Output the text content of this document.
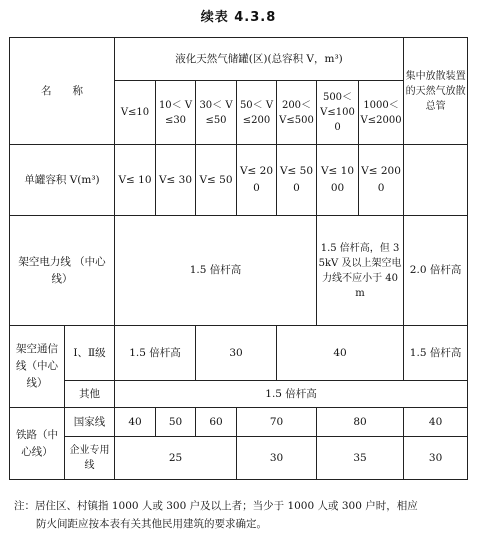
续表 4.3.8
名　　称		液化天然气储罐(区)(总容积 V，m³)							集中放散装置的天然气放散总管
		V≤10	10＜ V≤30	30＜ V≤50	50＜ V≤200	200＜ V≤500	500＜ V≤1000	1000＜ V≤2000	
单罐容积 V(m³)		V≤ 10	V≤ 30	V≤ 50	V≤ 200	V≤ 500	V≤ 1000	V≤ 2000	
架空电力线 （中心线）		1.5 倍杆高					1.5 倍杆高，但 35kV 及以上架空电力线不应小于 40m		2.0 倍杆高
架空通信线（中心线）	Ⅰ、Ⅱ级	1.5 倍杆高		30		40			1.5 倍杆高
	其他	1.5 倍杆高							
铁路（中心线）	国家线	40	50	60	70		80		40
	企业专用线	25			30		35		30
注：居住区、村镇指 1000 人或 300 户及以上者；当少于 1000 人或 300 户时，相应
防火间距应按本表有关其他民用建筑的要求确定。
